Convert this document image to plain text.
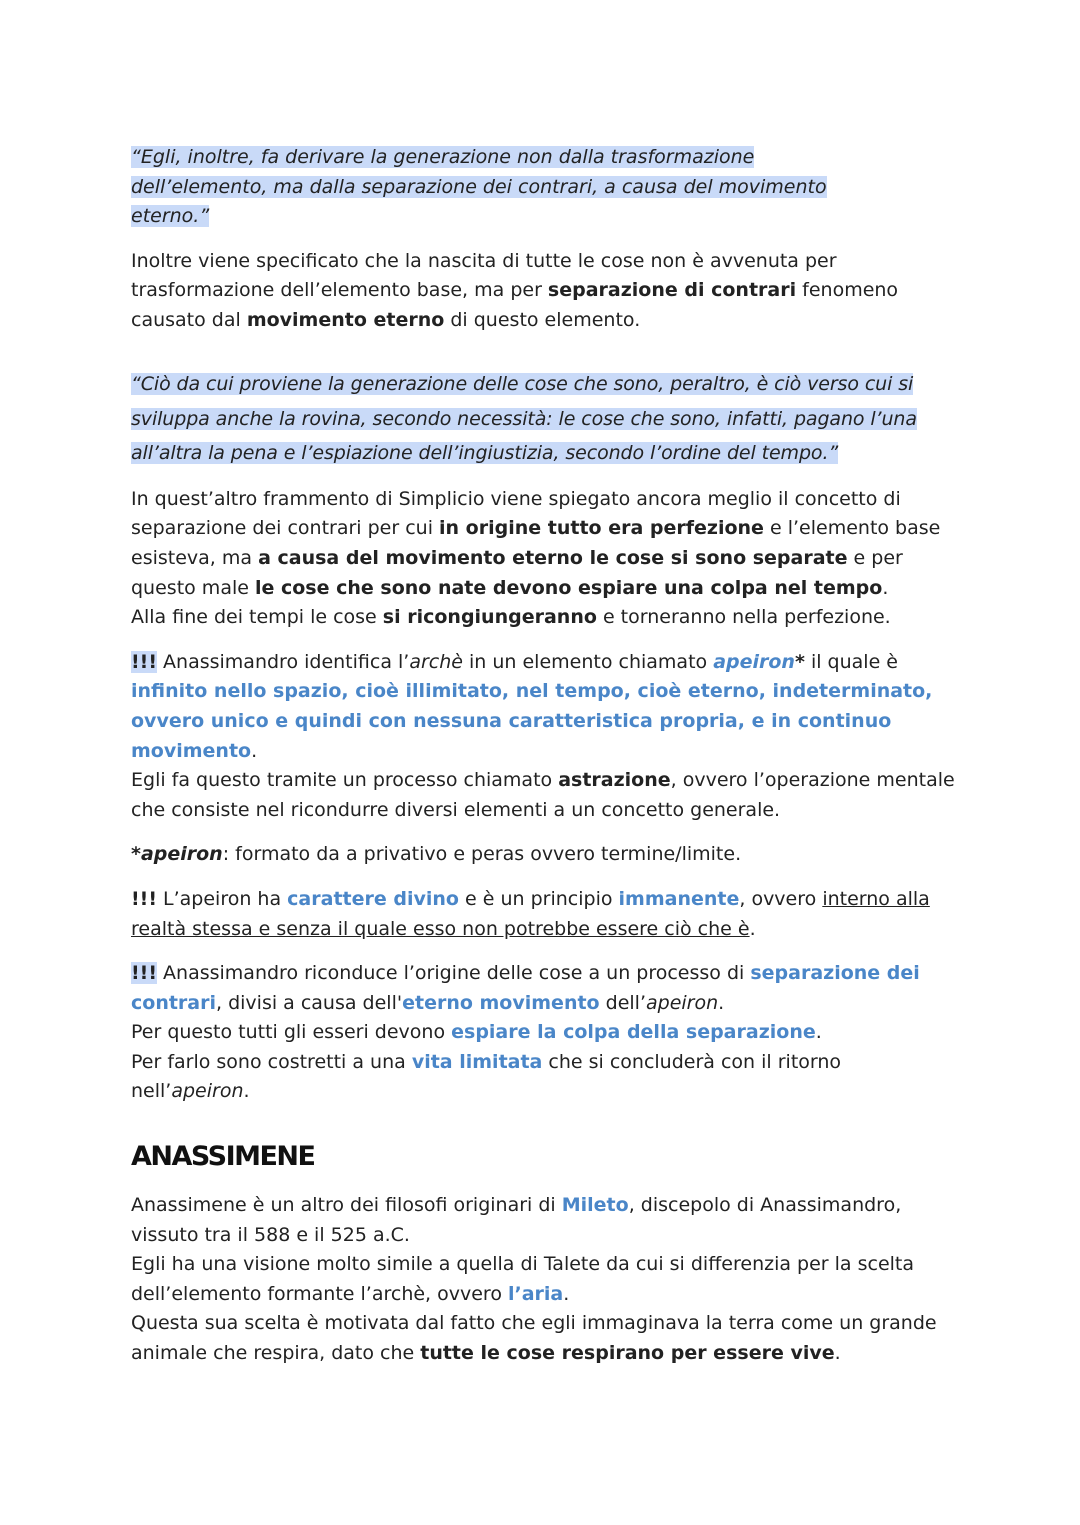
“Egli, inoltre, fa derivare la generazione non dalla trasformazione
dell’elemento, ma dalla separazione dei contrari, a causa del movimento
eterno.”

Inoltre viene specificato che la nascita di tutte le cose non è avvenuta per trasformazione dell’elemento base, ma per separazione di contrari fenomeno causato dal movimento eterno di questo elemento.

“Ciò da cui proviene la generazione delle cose che sono, peraltro, è ciò verso cui si
sviluppa anche la rovina, secondo necessità: le cose che sono, infatti, pagano l’una
all’altra la pena e l’espiazione dell’ingiustizia, secondo l’ordine del tempo.”

In quest’altro frammento di Simplicio viene spiegato ancora meglio il concetto di separazione dei contrari per cui in origine tutto era perfezione e l’elemento base esisteva, ma a causa del movimento eterno le cose si sono separate e per questo male le cose che sono nate devono espiare una colpa nel tempo.
Alla fine dei tempi le cose si ricongiungeranno e torneranno nella perfezione.

!!! Anassimandro identifica l’archè in un elemento chiamato apeiron* il quale è infinito nello spazio, cioè illimitato, nel tempo, cioè eterno, indeterminato, ovvero unico e quindi con nessuna caratteristica propria, e in continuo movimento.
Egli fa questo tramite un processo chiamato astrazione, ovvero l’operazione mentale che consiste nel ricondurre diversi elementi a un concetto generale.

*apeiron: formato da a privativo e peras ovvero termine/limite.

!!! L’apeiron ha carattere divino e è un principio immanente, ovvero interno alla realtà stessa e senza il quale esso non potrebbe essere ciò che è.

!!! Anassimandro riconduce l’origine delle cose a un processo di separazione dei contrari, divisi a causa dell'eterno movimento dell’apeiron.
Per questo tutti gli esseri devono espiare la colpa della separazione.
Per farlo sono costretti a una vita limitata che si concluderà con il ritorno nell’apeiron.

ANASSIMENE

Anassimene è un altro dei filosofi originari di Mileto, discepolo di Anassimandro, vissuto tra il 588 e il 525 a.C.
Egli ha una visione molto simile a quella di Talete da cui si differenzia per la scelta dell’elemento formante l’archè, ovvero l’aria.
Questa sua scelta è motivata dal fatto che egli immaginava la terra come un grande animale che respira, dato che tutte le cose respirano per essere vive.
